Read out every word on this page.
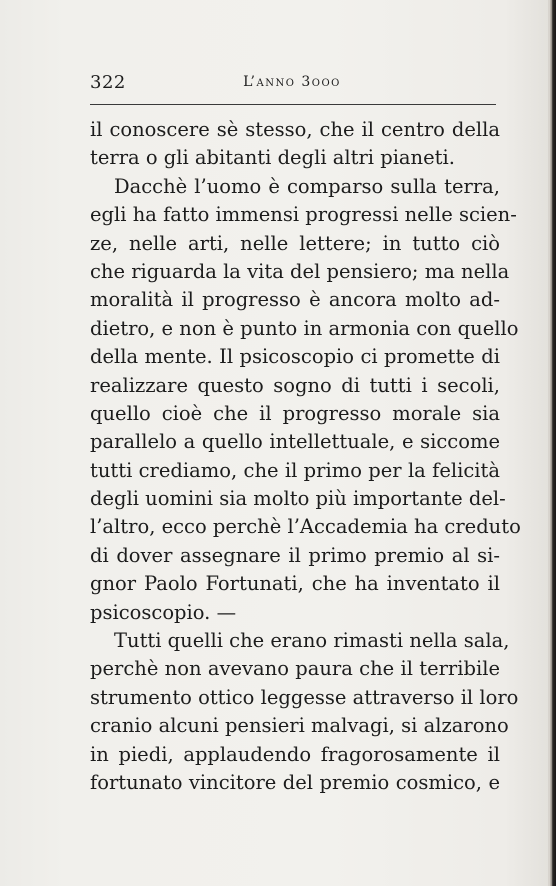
322	L’anno 3ooo
il conoscere sè stesso, che il centro della
terra o gli abitanti degli altri pianeti.
Dacchè l’uomo è comparso sulla terra,
egli ha fatto immensi progressi nelle scien-
ze, nelle arti, nelle lettere; in tutto ciò
che riguarda la vita del pensiero; ma nella
moralità il progresso è ancora molto ad-
dietro, e non è punto in armonia con quello
della mente. Il psicoscopio ci promette di
realizzare questo sogno di tutti i secoli,
quello cioè che il progresso morale sia
parallelo a quello intellettuale, e siccome
tutti crediamo, che il primo per la felicità
degli uomini sia molto più importante del-
l’altro, ecco perchè l’Accademia ha creduto
di dover assegnare il primo premio al si-
gnor Paolo Fortunati, che ha inventato il
psicoscopio. —
Tutti quelli che erano rimasti nella sala,
perchè non avevano paura che il terribile
strumento ottico leggesse attraverso il loro
cranio alcuni pensieri malvagi, si alzarono
in piedi, applaudendo fragorosamente il
fortunato vincitore del premio cosmico, e
